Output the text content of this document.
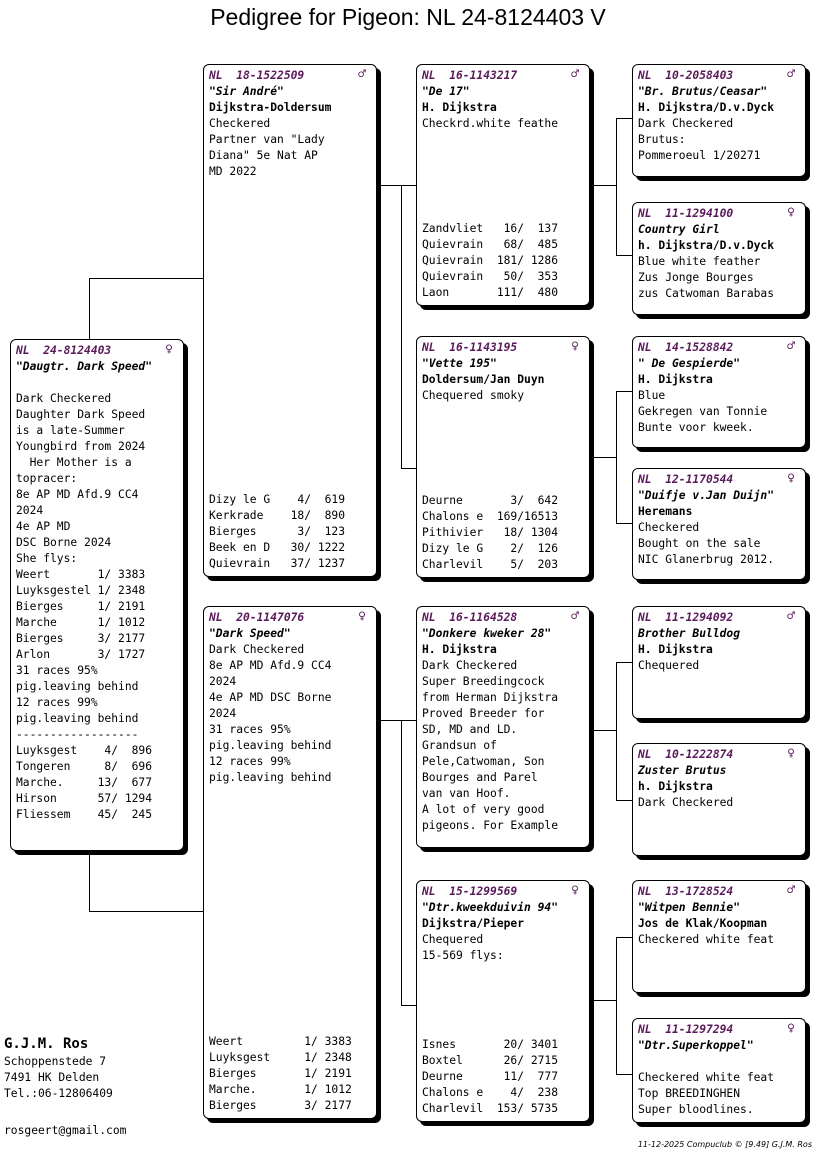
Pedigree for Pigeon: NL 24-8124403 V
NL  24-8124403	♀
"Daugtr. Dark Speed"
Dark Checkered
Daughter Dark Speed
is a late-Summer
Youngbird from 2024
Her Mother is a
topracer:
8e AP MD Afd.9 CC4
2024
4e AP MD
DSC Borne 2024
She flys:
Weert       1/ 3383
Luyksgestel 1/ 2348
Bierges     1/ 2191
Marche      1/ 1012
Bierges     3/ 2177
Arlon       3/ 1727
31 races 95%
pig.leaving behind
12 races 99%
pig.leaving behind
------------------
Luyksgest    4/  896
Tongeren     8/  696
Marche.     13/  677
Hirson      57/ 1294
Fliessem    45/  245
NL  18-1522509	♂
"Sir André"
Dijkstra-Doldersum
Checkered
Partner van "Lady
Diana" 5e Nat AP
MD 2022
Dizy le G    4/  619
Kerkrade    18/  890
Bierges      3/  123
Beek en D   30/ 1222
Quievrain   37/ 1237
NL  20-1147076	♀
"Dark Speed"
Dark Checkered
8e AP MD Afd.9 CC4
2024
4e AP MD DSC Borne
2024
31 races 95%
pig.leaving behind
12 races 99%
pig.leaving behind
Weert         1/ 3383
Luyksgest     1/ 2348
Bierges       1/ 2191
Marche.       1/ 1012
Bierges       3/ 2177
NL  16-1143217	♂
"De 17"
H. Dijkstra
Checkrd.white feathe
Zandvliet   16/  137
Quievrain   68/  485
Quievrain  181/ 1286
Quievrain   50/  353
Laon       111/  480
NL  16-1143195	♀
"Vette 195"
Doldersum/Jan Duyn
Chequered smoky
Deurne       3/  642
Chalons e  169/16513
Pithivier   18/ 1304
Dizy le G    2/  126
Charlevil    5/  203
NL  16-1164528	♂
"Donkere kweker 28"
H. Dijkstra
Dark Checkered
Super Breedingcock
from Herman Dijkstra
Proved Breeder for
SD, MD and LD.
Grandsun of
Pele,Catwoman, Son
Bourges and Parel
van van Hoof.
A lot of very good
pigeons. For Example
NL  15-1299569	♀
"Dtr.kweekduivin 94"
Dijkstra/Pieper
Chequered
15-569 flys:
Isnes       20/ 3401
Boxtel      26/ 2715
Deurne      11/  777
Chalons e    4/  238
Charlevil  153/ 5735
NL  10-2058403	♂
"Br. Brutus/Ceasar"
H. Dijkstra/D.v.Dyck
Dark Checkered
Brutus:
Pommeroeul 1/20271
NL  11-1294100	♀
Country Girl
h. Dijkstra/D.v.Dyck
Blue white feather
Zus Jonge Bourges
zus Catwoman Barabas
NL  14-1528842	♂
" De Gespierde"
H. Dijkstra
Blue
Gekregen van Tonnie
Bunte voor kweek.
NL  12-1170544	♀
"Duifje v.Jan Duijn"
Heremans
Checkered
Bought on the sale
NIC Glanerbrug 2012.
NL  11-1294092	♂
Brother Bulldog
H. Dijkstra
Chequered
NL  10-1222874	♀
Zuster Brutus
h. Dijkstra
Dark Checkered
NL  13-1728524	♂
"Witpen Bennie"
Jos de Klak/Koopman
Checkered white feat
NL  11-1297294	♀
"Dtr.Superkoppel"
Checkered white feat
Top BREEDINGHEN
Super bloodlines.
G.J.M. Ros
Schoppenstede 7
7491 HK Delden
Tel.:06-12806409
rosgeert@gmail.com
11-12-2025 Compuclub © [9.49] G.J.M. Ros
